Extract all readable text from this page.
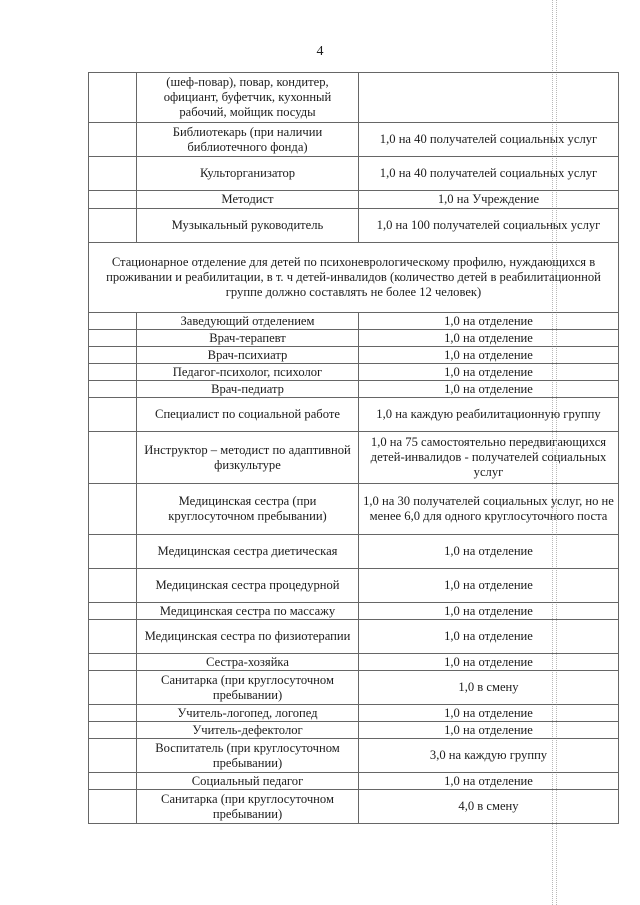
4
	(шеф-повар), повар, кондитер, официант, буфетчик, кухонный рабочий, мойщик посуды	
	Библиотекарь (при наличии библиотечного фонда)	1,0 на 40 получателей социальных услуг
	Культорганизатор	1,0 на 40 получателей социальных услуг
	Методист	1,0 на Учреждение
	Музыкальный руководитель	1,0 на 100 получателей социальных услуг
Стационарное отделение для детей по психоневрологическому профилю, нуждающихся в проживании и реабилитации, в т. ч детей-инвалидов (количество детей в реабилитационной группе должно составлять не более 12 человек)		
	Заведующий отделением	1,0 на отделение
	Врач-терапевт	1,0 на отделение
	Врач-психиатр	1,0 на отделение
	Педагог-психолог, психолог	1,0 на отделение
	Врач-педиатр	1,0 на отделение
	Специалист по социальной работе	1,0 на каждую реабилитационную группу
	Инструктор – методист по адаптивной физкультуре	1,0 на 75 самостоятельно передвигающихся детей-инвалидов - получателей социальных услуг
	Медицинская сестра (при круглосуточном пребывании)	1,0 на 30 получателей социальных услуг, но не менее 6,0 для одного круглосуточного поста
	Медицинская сестра диетическая	1,0 на отделение
	Медицинская сестра процедурной	1,0 на отделение
	Медицинская сестра по массажу	1,0 на отделение
	Медицинская сестра по физиотерапии	1,0 на отделение
	Сестра-хозяйка	1,0 на отделение
	Санитарка (при круглосуточном пребывании)	1,0 в смену
	Учитель-логопед, логопед	1,0 на отделение
	Учитель-дефектолог	1,0 на отделение
	Воспитатель (при круглосуточном пребывании)	3,0 на каждую группу
	Социальный педагог	1,0 на отделение
	Санитарка (при круглосуточном пребывании)	4,0 в смену
